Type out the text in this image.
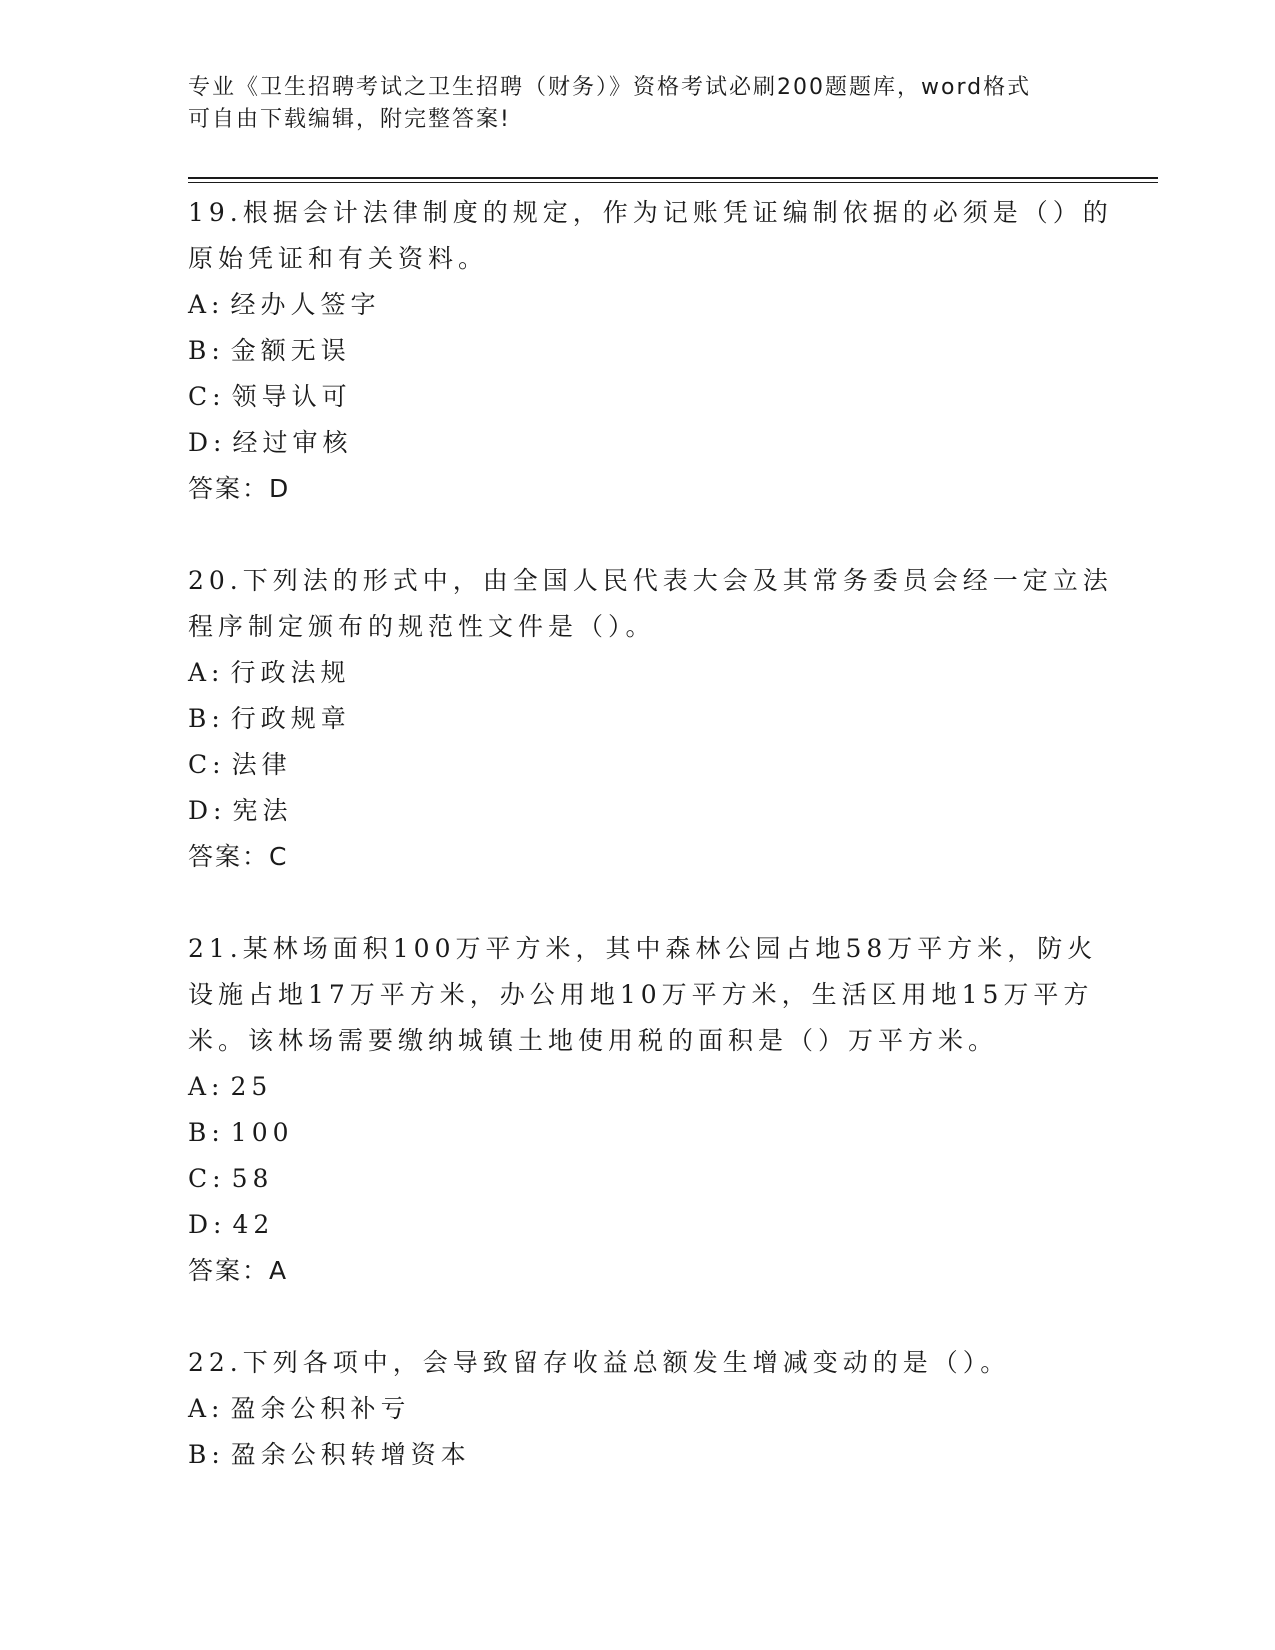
专业《卫生招聘考试之卫生招聘（财务）》资格考试必刷200题题库，word格式
可自由下载编辑，附完整答案!
19.根据会计法律制度的规定，作为记账凭证编制依据的必须是（）的
原始凭证和有关资料。
A: 经办人签字
B: 金额无误
C: 领导认可
D: 经过审核
答案：D
20.下列法的形式中，由全国人民代表大会及其常务委员会经一定立法
程序制定颁布的规范性文件是（）。
A: 行政法规
B: 行政规章
C: 法律
D: 宪法
答案：C
21.某林场面积100万平方米，其中森林公园占地58万平方米，防火
设施占地17万平方米，办公用地10万平方米，生活区用地15万平方
米。该林场需要缴纳城镇土地使用税的面积是（）万平方米。
A: 25
B: 100
C: 58
D: 42
答案：A
22.下列各项中，会导致留存收益总额发生增减变动的是（）。
A: 盈余公积补亏
B: 盈余公积转增资本
